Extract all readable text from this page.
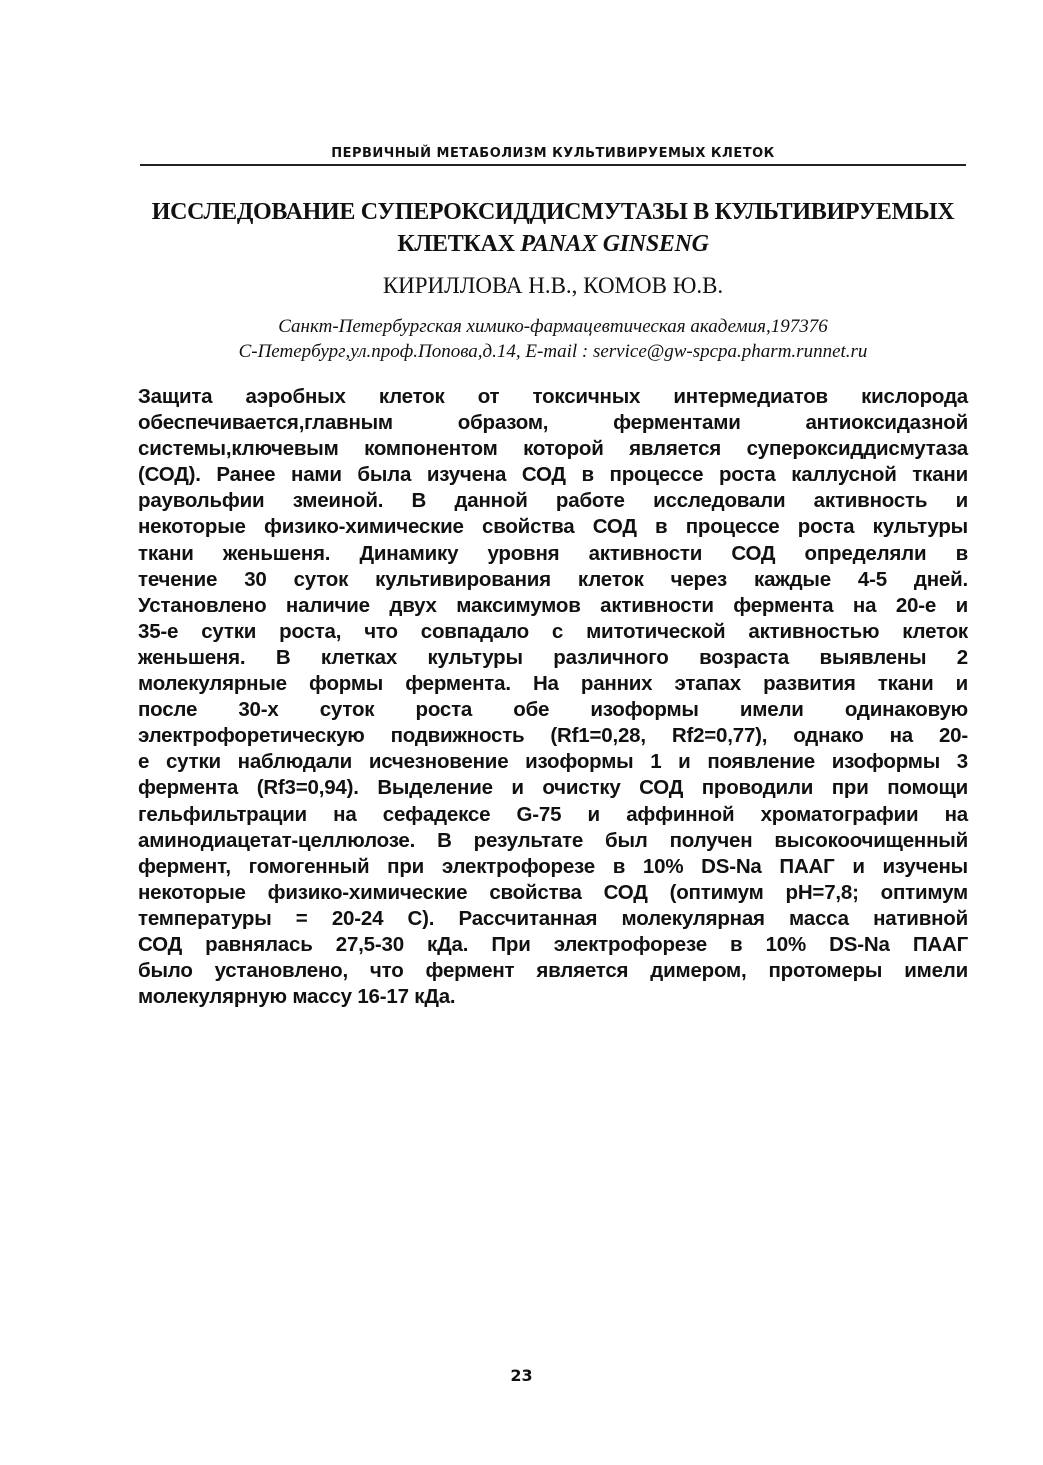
ПЕРВИЧНЫЙ МЕТАБОЛИЗМ КУЛЬТИВИРУЕМЫХ КЛЕТОК
ИССЛЕДОВАНИЕ СУПЕРОКСИДДИСМУТАЗЫ В КУЛЬТИВИРУЕМЫХ
КЛЕТКАХ PANAX GINSENG
КИРИЛЛОВА Н.В., КОМОВ Ю.В.
Санкт-Петербургская химико-фармацевтическая академия,197376
С-Петербург,ул.проф.Попова,д.14, E-mail : service@gw-spcpa.pharm.runnet.ru
Защита аэробных клеток от токсичных интермедиатов кислорода
обеспечивается,главным образом, ферментами антиоксидазной
системы,ключевым компонентом которой является супероксиддисмутаза
(СОД). Ранее нами была изучена СОД в процессе роста каллусной ткани
раувольфии змеиной. В данной работе исследовали активность и
некоторые физико-химические свойства СОД в процессе роста культуры
ткани женьшеня. Динамику уровня активности СОД определяли в
течение 30 суток культивирования клеток через каждые 4-5 дней.
Установлено наличие двух максимумов активности фермента на 20-е и
35-е сутки роста, что совпадало с митотической активностью клеток
женьшеня. В клетках культуры различного возраста выявлены 2
молекулярные формы фермента. На ранних этапах развития ткани и
после 30-х суток роста обе изоформы имели одинаковую
электрофоретическую подвижность (Rf1=0,28, Rf2=0,77), однако на 20-
е сутки наблюдали исчезновение изоформы 1 и появление изоформы 3
фермента (Rf3=0,94). Выделение и очистку СОД проводили при помощи
гельфильтрации на сефадексе G-75 и аффинной хроматографии на
аминодиацетат-целлюлозе. В результате был получен высокоочищенный
фермент, гомогенный при электрофорезе в 10% DS-Na ПААГ и изучены
некоторые физико-химические свойства СОД (оптимум pH=7,8; оптимум
температуры = 20-24 С). Рассчитанная молекулярная масса нативной
СОД равнялась 27,5-30 кДа. При электрофорезе в 10% DS-Na ПААГ
было установлено, что фермент является димером, протомеры имели
молекулярную массу 16-17 кДа.
23
